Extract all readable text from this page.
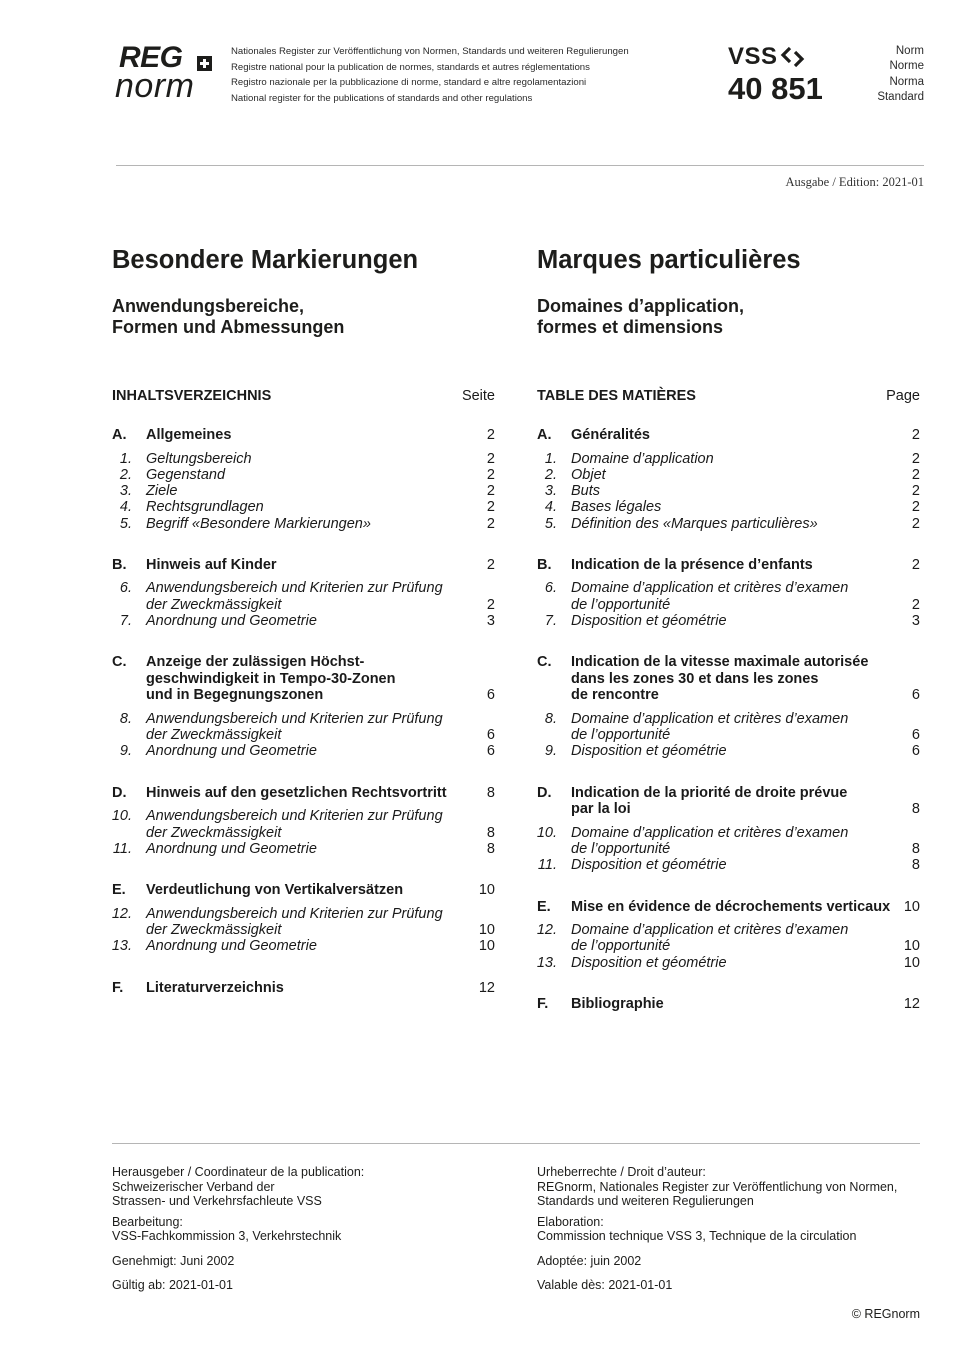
REG
norm
Nationales Register zur Veröffentlichung von Normen, Standards und weiteren Regulierungen
Registre national pour la publication de normes, standards et autres réglementations
Registro nazionale per la pubblicazione di norme, standard e altre regolamentazioni
National register for the publications of standards and other regulations
VSS
40 851
Norm
Norme
Norma
Standard
Ausgabe / Edition: 2021-01
Besondere Markierungen
Anwendungsbereiche,
Formen und Abmessungen
INHALTSVERZEICHNIS	Seite
A. Allgemeines	2
1. Geltungsbereich	2
2. Gegenstand	2
3. Ziele	2
4. Rechtsgrundlagen	2
5. Begriff «Besondere Markierungen»	2
B. Hinweis auf Kinder	2
6. Anwendungsbereich und Kriterien zur Prüfung
der Zweckmässigkeit	2
7. Anordnung und Geometrie	3
C. Anzeige der zulässigen Höchst-
geschwindigkeit in Tempo-30-Zonen
und in Begegnungszonen	6
8. Anwendungsbereich und Kriterien zur Prüfung
der Zweckmässigkeit	6
9. Anordnung und Geometrie	6
D. Hinweis auf den gesetzlichen Rechtsvortritt	8
10. Anwendungsbereich und Kriterien zur Prüfung
der Zweckmässigkeit	8
11. Anordnung und Geometrie	8
E. Verdeutlichung von Vertikalversätzen	10
12. Anwendungsbereich und Kriterien zur Prüfung
der Zweckmässigkeit	10
13. Anordnung und Geometrie	10
F. Literaturverzeichnis	12
Marques particulières
Domaines d’application,
formes et dimensions
TABLE DES MATIÈRES	Page
A. Généralités	2
1. Domaine d’application	2
2. Objet	2
3. Buts	2
4. Bases légales	2
5. Définition des «Marques particulières»	2
B. Indication de la présence d’enfants	2
6. Domaine d’application et critères d’examen
de l’opportunité	2
7. Disposition et géométrie	3
C. Indication de la vitesse maximale autorisée
dans les zones 30 et dans les zones
de rencontre	6
8. Domaine d’application et critères d’examen
de l’opportunité	6
9. Disposition et géométrie	6
D. Indication de la priorité de droite prévue
par la loi	8
10. Domaine d’application et critères d’examen
de l’opportunité	8
11. Disposition et géométrie	8
E. Mise en évidence de décrochements verticaux 10
12. Domaine d’application et critères d’examen
de l’opportunité	10
13. Disposition et géométrie	10
F. Bibliographie	12
Herausgeber / Coordinateur de la publication:
Schweizerischer Verband der
Strassen- und Verkehrsfachleute VSS
Bearbeitung:
VSS-Fachkommission 3, Verkehrstechnik
Genehmigt: Juni 2002
Gültig ab: 2021-01-01
Urheberrechte / Droit d’auteur:
REGnorm, Nationales Register zur Veröffentlichung von Normen,
Standards und weiteren Regulierungen
Elaboration:
Commission technique VSS 3, Technique de la circulation
Adoptée: juin 2002
Valable dès: 2021-01-01
© REGnorm
